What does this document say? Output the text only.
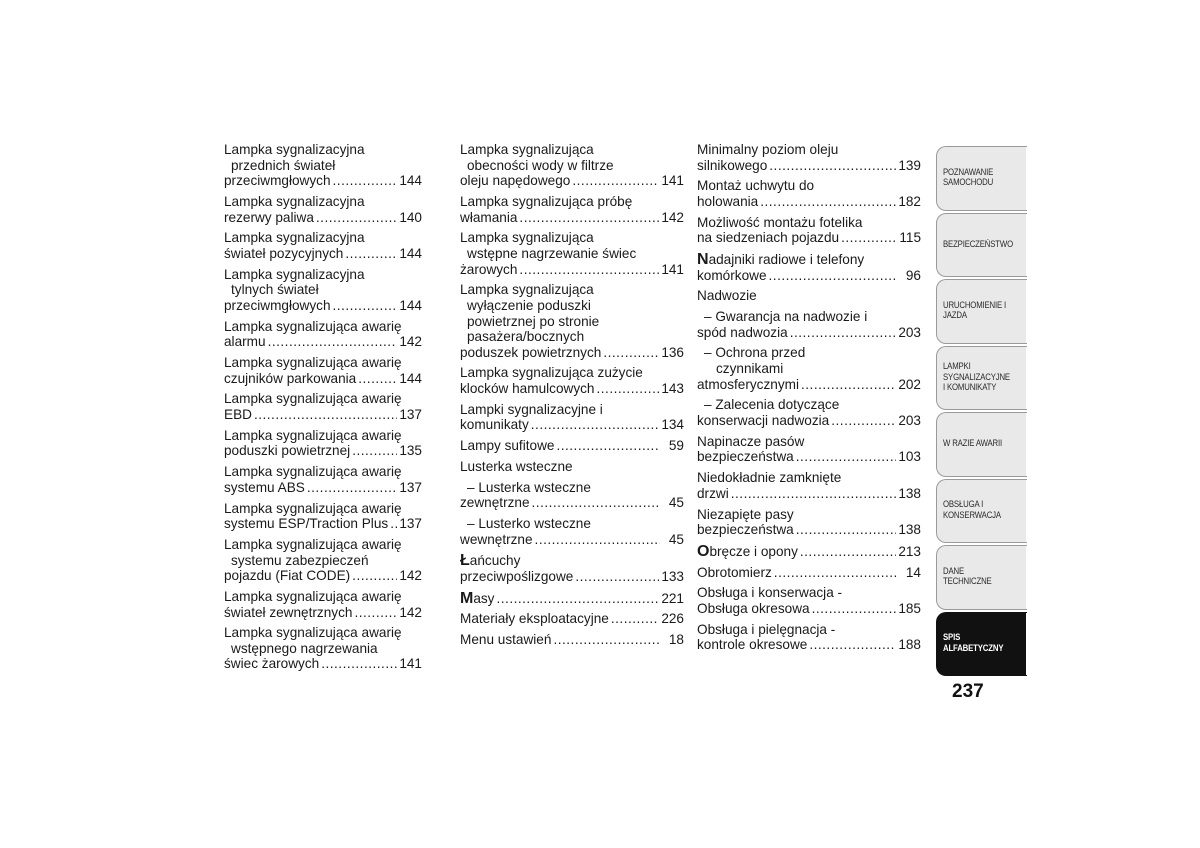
Lampka sygnalizacyjna
przednich świateł
przeciwmgłowych .....	144
Lampka sygnalizacyjna
rezerwy paliwa .....	140
Lampka sygnalizacyjna
świateł pozycyjnych .....	144
Lampka sygnalizacyjna
tylnych świateł
przeciwmgłowych .....	144
Lampka sygnalizująca awarię
alarmu .....	142
Lampka sygnalizująca awarię
czujników parkowania .....	144
Lampka sygnalizująca awarię
EBD .....	137
Lampka sygnalizująca awarię
poduszki powietrznej .....	135
Lampka sygnalizująca awarię
systemu ABS .....	137
Lampka sygnalizująca awarię
systemu ESP/Traction Plus ..... 137
Lampka sygnalizująca awarię
systemu zabezpieczeń
pojazdu (Fiat CODE) .....	142
Lampka sygnalizująca awarię
świateł zewnętrznych .....	142
Lampka sygnalizująca awarię
wstępnego nagrzewania
świec żarowych .....	141
Lampka sygnalizująca
obecności wody w filtrze
oleju napędowego .....	141
Lampka sygnalizująca próbę
włamania .....	142
Lampka sygnalizująca
wstępne nagrzewanie świec
żarowych .....	141
Lampka sygnalizująca
wyłączenie poduszki
powietrznej po stronie
pasażera/bocznych
poduszek powietrznych .....	136
Lampka sygnalizująca zużycie
klocków hamulcowych .....	143
Lampki sygnalizacyjne i
komunikaty .....	134
Lampy sufitowe .....	59
Lusterka wsteczne
– Lusterka wsteczne
zewnętrzne .....	45
– Lusterko wsteczne
wewnętrzne .....	45
Łańcuchy
przeciwpoślizgowe .....	133
Masy .....	221
Materiały eksploatacyjne .....	226
Menu ustawień .....	18
Minimalny poziom oleju
silnikowego .....	139
Montaż uchwytu do
holowania .....	182
Możliwość montażu fotelika
na siedzeniach pojazdu .....	115
Nadajniki radiowe i telefony
komórkowe .....	96
Nadwozie
– Gwarancja na nadwozie i
spód nadwozia .....	203
– Ochrona przed
czynnikami
atmosferycznymi .....	202
– Zalecenia dotyczące
konserwacji nadwozia .....	203
Napinacze pasów
bezpieczeństwa .....	103
Niedokładnie zamknięte
drzwi .....	138
Niezapięte pasy
bezpieczeństwa .....	138
Obręcze i opony .....	213
Obrotomierz .....	14
Obsługa i konserwacja -
Obsługa okresowa .....	185
Obsługa i pielęgnacja -
kontrole okresowe .....	188
POZNAWANIE SAMOCHODU
BEZPIECZEŃSTWO
URUCHOMIENIE I JAZDA
LAMPKI SYGNALIZACYJNE I KOMUNIKATY
W RAZIE AWARII
OBSŁUGA I KONSERWACJA
DANE TECHNICZNE
SPIS ALFABETYCZNY
237
